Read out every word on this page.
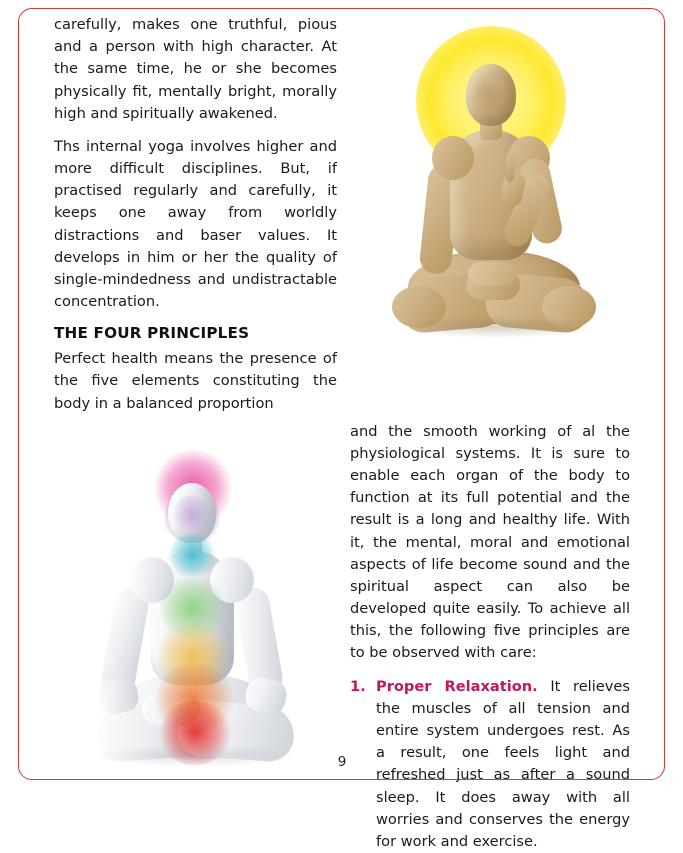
carefully, makes one truthful, pious and a person with high character. At the same time, he or she becomes physically fit, mentally bright, morally high and spiritually awakened.

Ths internal yoga involves higher and more difficult disciplines. But, if practised regularly and carefully, it keeps one away from worldly distractions and baser values. It develops in him or her the quality of single-mindedness and undistractable concentration.

THE FOUR PRINCIPLES

Perfect health means the presence of the five elements constituting the body in a balanced proportion

and the smooth working of al the physiological systems. It is sure to enable each organ of the body to function at its full potential and the result is a long and healthy life. With it, the mental, moral and emotional aspects of life become sound and the spiritual aspect can also be developed quite easily. To achieve all this, the following five principles are to be observed with care:

1. Proper Relaxation. It relieves the muscles of all tension and entire system undergoes rest. As a result, one feels light and refreshed just as after a sound sleep. It does away with all worries and conserves the energy for work and exercise.
9
